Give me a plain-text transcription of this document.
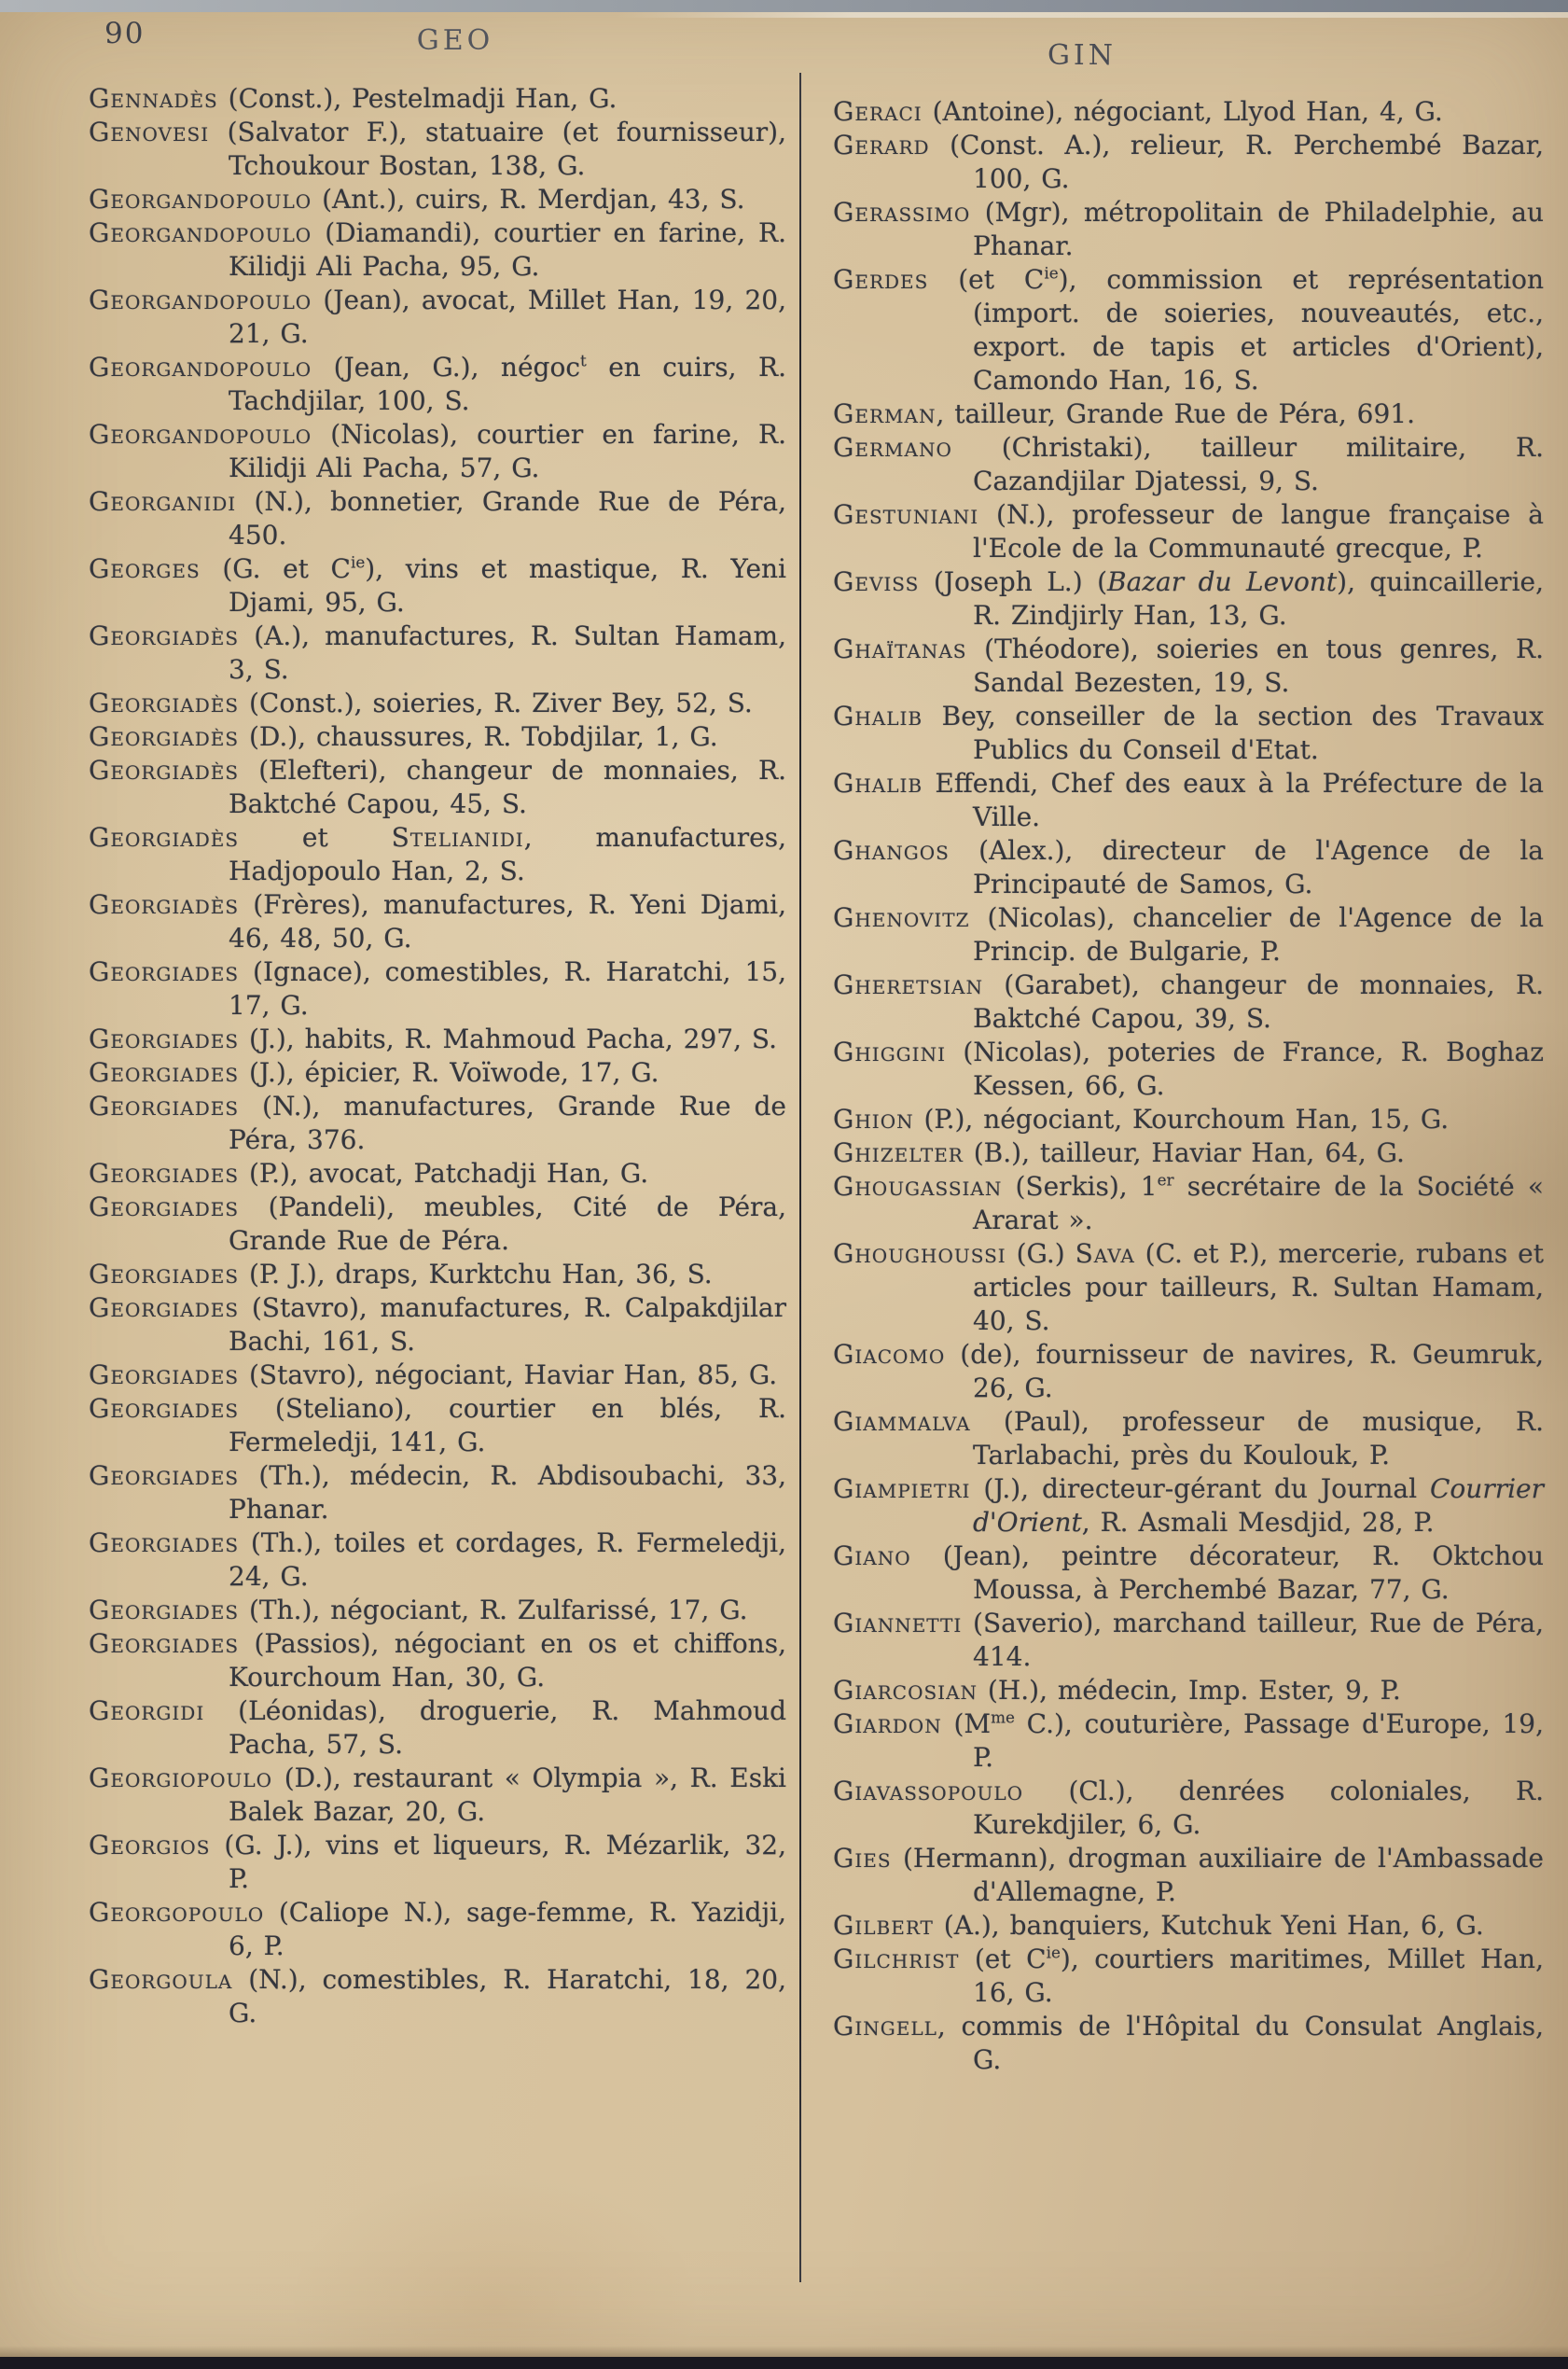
90	GEO	GIN

Gennadès (Const.), Pestelmadji Han, G.

Genovesi (Salvator F.), statuaire (et fournisseur), Tchoukour Bostan, 138, G.

Georgandopoulo (Ant.), cuirs, R. Merdjan, 43, S.

Georgandopoulo (Diamandi), courtier en farine, R. Kilidji Ali Pacha, 95, G.

Georgandopoulo (Jean), avocat, Millet Han, 19, 20, 21, G.

Georgandopoulo (Jean, G.), négoc$^t$ en cuirs, R. Tachdjilar, 100, S.

Georgandopoulo (Nicolas), courtier en farine, R. Kilidji Ali Pacha, 57, G.

Georganidi (N.), bonnetier, Grande Rue de Péra, 450.

Georges (G. et $C^{ie}$), vins et mastique, R. Yeni Djami, 95, G.

Georgiadès (A.), manufactures, R. Sultan Hamam, 3, S.

Georgiadès (Const.), soieries, R. Ziver Bey, 52, S.

Georgiadès (D.), chaussures, R. Tobdjilar, 1, G.

Georgiadès (Elefteri), changeur de monnaies, R. Baktché Capou, 45, S.

Georgiadès et Stelianidi, manufactures, Hadjopoulo Han, 2, S.

Georgiadès (Frères), manufactures, R. Yeni Djami, 46, 48, 50, G.

Georgiades (Ignace), comestibles, R. Haratchi, 15, 17, G.

Georgiades (J.), habits, R. Mahmoud Pacha, 297, S.

Georgiades (J.), épicier, R. Voïwode, 17, G.

Georgiades (N.), manufactures, Grande Rue de Péra, 376.

Georgiades (P.), avocat, Patchadji Han, G.

Georgiades (Pandeli), meubles, Cité de Péra, Grande Rue de Péra.

Georgiades (P. J.), draps, Kurktchu Han, 36, S.

Georgiades (Stavro), manufactures, R. Calpakdjilar Bachi, 161, S.

Georgiades (Stavro), négociant, Haviar Han, 85, G.

Georgiades (Steliano), courtier en blés, R. Fermeledji, 141, G.

Georgiades (Th.), médecin, R. Abdisoubachi, 33, Phanar.

Georgiades (Th.), toiles et cordages, R. Fermeledji, 24, G.

Georgiades (Th.), négociant, R. Zulfarissé, 17, G.

Georgiades (Passios), négociant en os et chiffons, Kourchoum Han, 30, G.

Georgidi (Léonidas), droguerie, R. Mahmoud Pacha, 57, S.

Georgiopoulo (D.), restaurant « Olympia », R. Eski Balek Bazar, 20, G.

Georgios (G. J.), vins et liqueurs, R. Mézarlik, 32, P.

Georgopoulo (Caliope N.), sage-femme, R. Yazidji, 6, P.

Georgoula (N.), comestibles, R. Haratchi, 18, 20, G.

Geraci (Antoine), négociant, Llyod Han, 4, G.

Gerard (Const. A.), relieur, R. Perchembé Bazar, 100, G.

Gerassimo (Mgr), métropolitain de Philadelphie, au Phanar.

Gerdes (et $C^{ie}$), commission et représentation (import. de soieries, nouveautés, etc., export. de tapis et articles d'Orient), Camondo Han, 16, S.

German, tailleur, Grande Rue de Péra, 691.

Germano (Christaki), tailleur militaire, R. Cazandjilar Djatessi, 9, S.

Gestuniani (N.), professeur de langue française à l'Ecole de la Communauté grecque, P.

Geviss (Joseph L.) (Bazar du Levont), quincaillerie, R. Zindjirly Han, 13, G.

Ghaïtanas (Théodore), soieries en tous genres, R. Sandal Bezesten, 19, S.

Ghalib Bey, conseiller de la section des Travaux Publics du Conseil d'Etat.

Ghalib Effendi, Chef des eaux à la Préfecture de la Ville.

Ghangos (Alex.), directeur de l'Agence de la Principauté de Samos, G.

Ghenovitz (Nicolas), chancelier de l'Agence de la Princip. de Bulgarie, P.

Gheretsian (Garabet), changeur de monnaies, R. Baktché Capou, 39, S.

Ghiggini (Nicolas), poteries de France, R. Boghaz Kessen, 66, G.

Ghion (P.), négociant, Kourchoum Han, 15, G.

Ghizelter (B.), tailleur, Haviar Han, 64, G.

Ghougassian (Serkis), 1er secrétaire de la Société « Ararat ».

Ghoughoussi (G.) Sava (C. et P.), mercerie, rubans et articles pour tailleurs, R. Sultan Hamam, 40, S.

Giacomo (de), fournisseur de navires, R. Geumruk, 26, G.

Giammalva (Paul), professeur de musique, R. Tarlabachi, près du Koulouk, P.

Giampietri (J.), directeur-gérant du Journal Courrier d'Orient, R. Asmali Mesdjid, 28, P.

Giano (Jean), peintre décorateur, R. Oktchou Moussa, à Perchembé Bazar, 77, G.

Giannetti (Saverio), marchand tailleur, Rue de Péra, 414.

Giarcosian (H.), médecin, Imp. Ester, 9, P.

Giardon ($M^{me}$ C.), couturière, Passage d'Europe, 19, P.

Giavassopoulo (Cl.), denrées coloniales, R. Kurekdjiler, 6, G.

Gies (Hermann), drogman auxiliaire de l'Ambassade d'Allemagne, P.

Gilbert (A.), banquiers, Kutchuk Yeni Han, 6, G.

Gilchrist (et $C^{ie}$), courtiers maritimes, Millet Han, 16, G.

Gingell, commis de l'Hôpital du Consulat Anglais, G.
